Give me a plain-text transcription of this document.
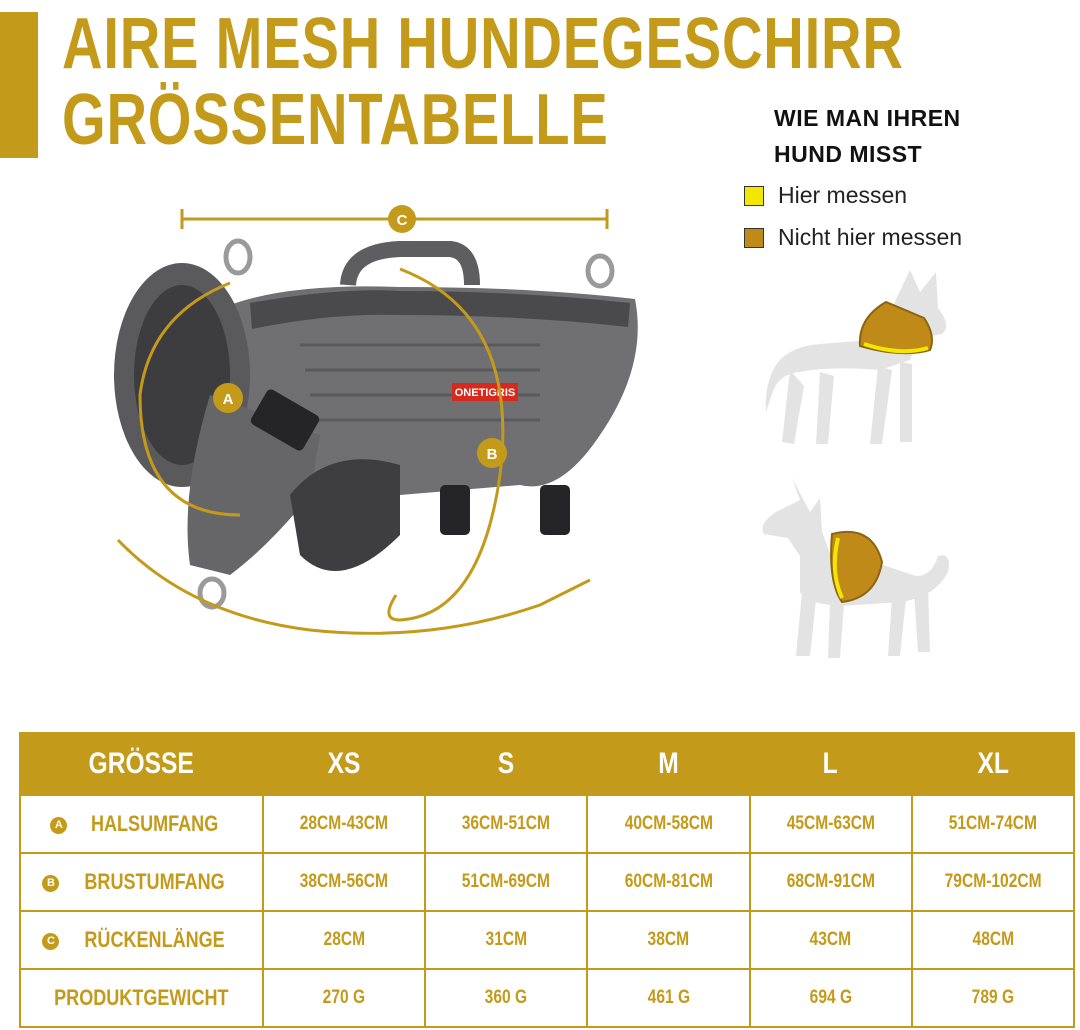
AIRE MESH HUNDEGESCHIRR
GRÖSSENTABELLE	WIE MAN IHREN
HUND MISST
Hier messen
Nicht hier messen
C
ONETIGRIS
A
B
GRÖSSE	XS	S	M	L	XL
A HALSUMFANG	28CM-43CM	36CM-51CM	40CM-58CM	45CM-63CM	51CM-74CM
B BRUSTUMFANG	38CM-56CM	51CM-69CM	60CM-81CM	68CM-91CM	79CM-102CM
C RÜCKENLÄNGE	28CM	31CM	38CM	43CM	48CM
PRODUKTGEWICHT	270 G	360 G	461 G	694 G	789 G
